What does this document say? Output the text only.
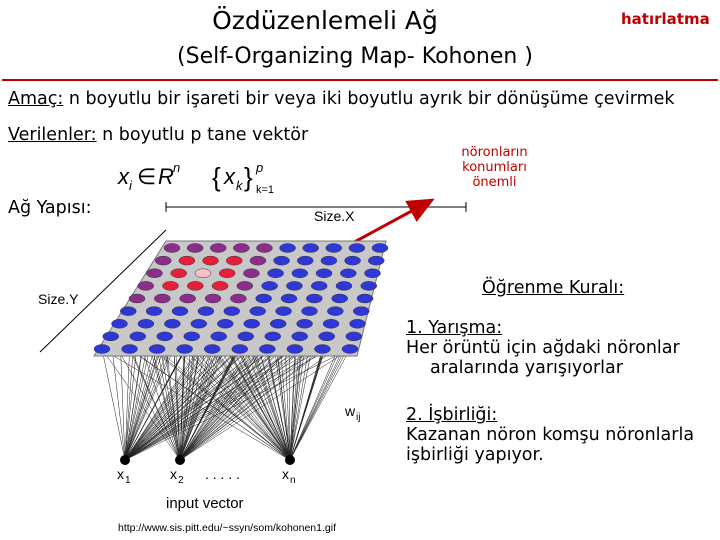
Özdüzenlemeli Ağ
(Self-Organizing Map- Kohonen )
hatırlatma
Amaç: n boyutlu bir işareti bir veya iki boyutlu ayrık bir dönüşüme çevirmek
Verilenler: n boyutlu p tane vektör
Ağ Yapısı:
nöronların
konumları
önemli
Öğrenme Kuralı:
1. Yarışma:
Her örüntü için ağdaki nöronlar
aralarında yarışıyorlar
2. İşbirliği:
Kazanan nöron komşu nöronlarla
işbirliği yapıyor.
http://www.sis.pitt.edu/~ssyn/som/kohonen1.gif
x i ∈ R n { x k } p
k=1
Size.X
Size.Y
x 1	x 2 . . . . .	x n
input vector
w ij
